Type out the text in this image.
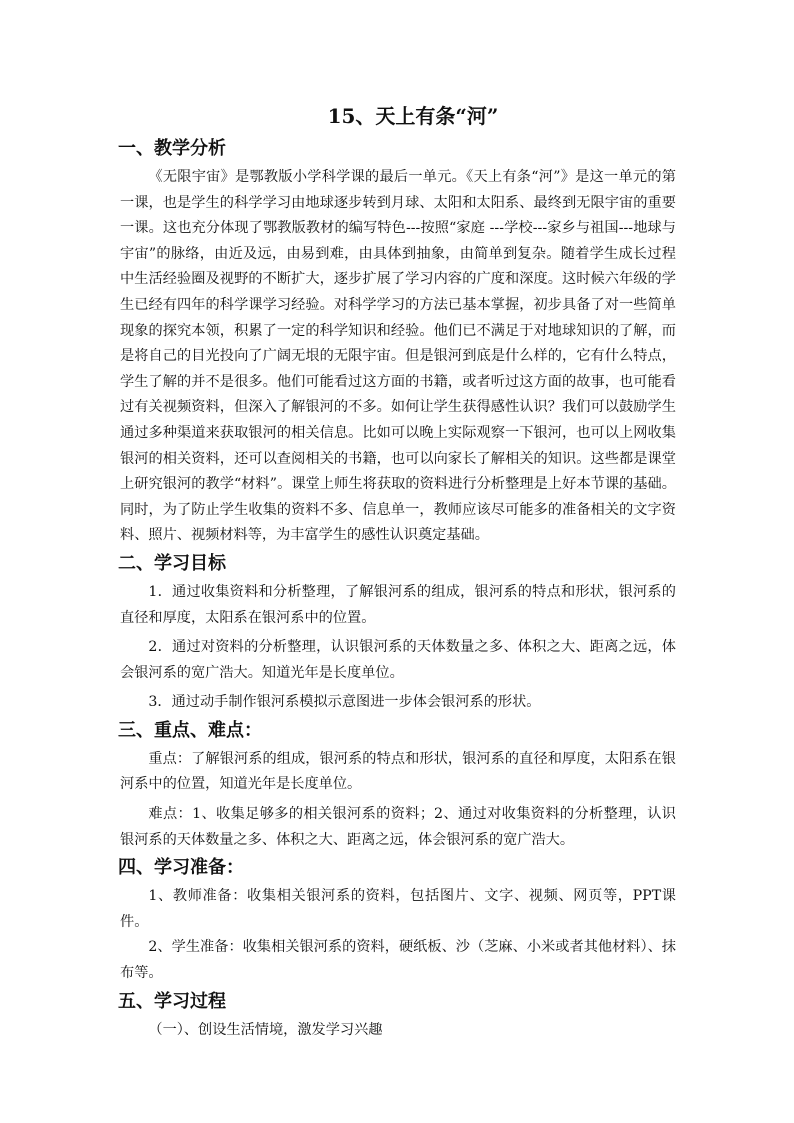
15、天上有条“河”
一、教学分析

《无限宇宙》是鄂教版小学科学课的最后一单元。《天上有条“河”》是这一单元的第一课，也是学生的科学学习由地球逐步转到月球、太阳和太阳系、最终到无限宇宙的重要一课。这也充分体现了鄂教版教材的编写特色---按照“家庭 ---学校---家乡与祖国---地球与宇宙”的脉络，由近及远，由易到难，由具体到抽象，由简单到复杂。随着学生成长过程中生活经验圈及视野的不断扩大，逐步扩展了学习内容的广度和深度。这时候六年级的学生已经有四年的科学课学习经验。对科学学习的方法已基本掌握，初步具备了对一些简单现象的探究本领，积累了一定的科学知识和经验。他们已不满足于对地球知识的了解，而是将自己的目光投向了广阔无垠的无限宇宙。但是银河到底是什么样的，它有什么特点，学生了解的并不是很多。他们可能看过这方面的书籍，或者听过这方面的故事，也可能看过有关视频资料，但深入了解银河的不多。如何让学生获得感性认识？我们可以鼓励学生通过多种渠道来获取银河的相关信息。比如可以晚上实际观察一下银河，也可以上网收集银河的相关资料，还可以查阅相关的书籍，也可以向家长了解相关的知识。这些都是课堂上研究银河的教学“材料”。课堂上师生将获取的资料进行分析整理是上好本节课的基础。同时，为了防止学生收集的资料不多、信息单一，教师应该尽可能多的准备相关的文字资料、照片、视频材料等，为丰富学生的感性认识奠定基础。

二、学习目标

1．通过收集资料和分析整理，了解银河系的组成，银河系的特点和形状，银河系的直径和厚度，太阳系在银河系中的位置。

2．通过对资料的分析整理，认识银河系的天体数量之多、体积之大、距离之远，体会银河系的宽广浩大。知道光年是长度单位。

3．通过动手制作银河系模拟示意图进一步体会银河系的形状。

三、重点、难点：

重点：了解银河系的组成，银河系的特点和形状，银河系的直径和厚度，太阳系在银河系中的位置，知道光年是长度单位。

难点：1、收集足够多的相关银河系的资料；2、通过对收集资料的分析整理，认识银河系的天体数量之多、体积之大、距离之远，体会银河系的宽广浩大。

四、学习准备：

1、教师准备：收集相关银河系的资料，包括图片、文字、视频、网页等，PPT课件。

2、学生准备：收集相关银河系的资料，硬纸板、沙（芝麻、小米或者其他材料）、抹布等。

五、学习过程

（一）、创设生活情境，激发学习兴趣
